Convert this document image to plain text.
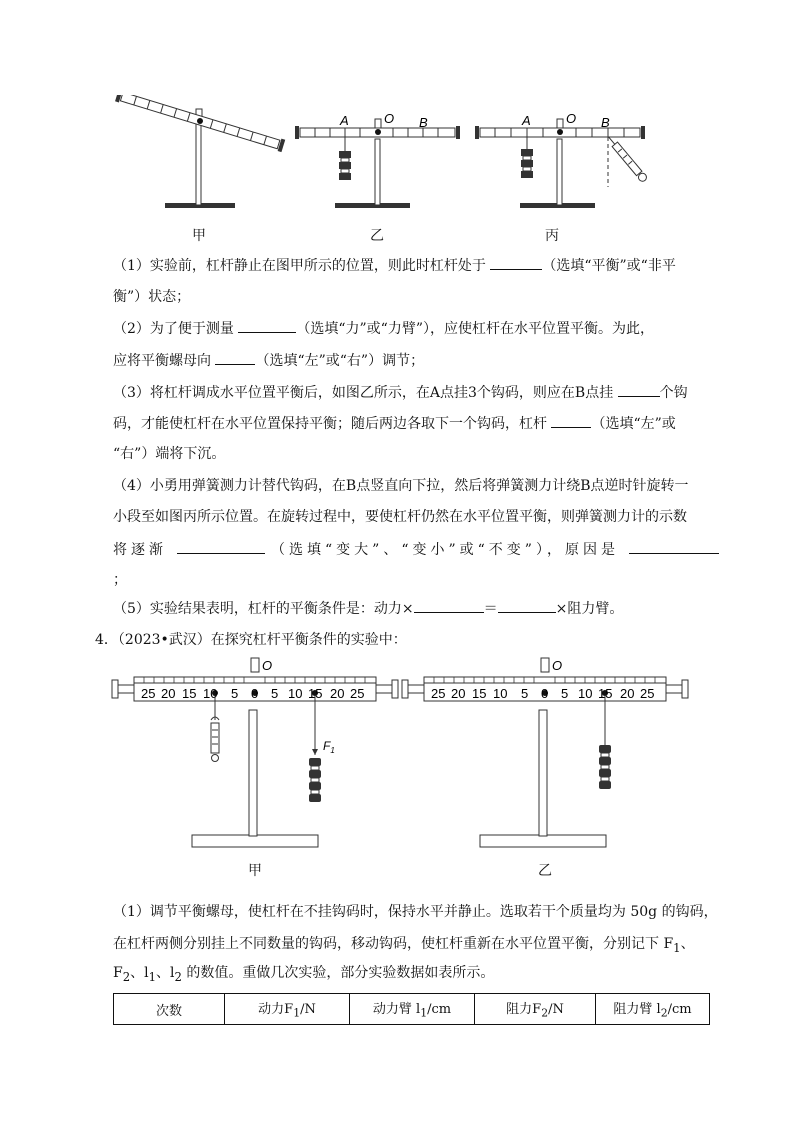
A	O B	A	O B
甲	乙	丙
（1）实验前，杠杆静止在图甲所示的位置，则此时杠杆处于	（选填“平衡”或“非平
衡”）状态；
（2）为了便于测量	（选填“力”或“力臂”），应使杠杆在水平位置平衡。为此，
应将平衡螺母向	（选填“左”或“右”）调节；
（3）将杠杆调成水平位置平衡后，如图乙所示，在A点挂3个钩码，则应在B点挂	个钩
码，才能使杠杆在水平位置保持平衡；随后两边各取下一个钩码，杠杆	（选填“左”或
“右”）端将下沉。
（4）小勇用弹簧测力计替代钩码，在B点竖直向下拉，然后将弹簧测力计绕B点逆时针旋转一
小段至如图丙所示位置。在旋转过程中，要使杠杆仍然在水平位置平衡，则弹簧测力计的示数
将逐渐	（选填“变大”、“变小”或“不变”），原因是
；
（5）实验结果表明，杠杆的平衡条件是：动力×	＝	×阻力臂。
4．（2023•武汉）在探究杠杆平衡条件的实验中：
25 20 15 10 5 0 5 10 15 20 25
O
$F_1$
25 20 15 10 5 0 5 10 15 20 25
O
甲	乙
（1）调节平衡螺母，使杠杆在不挂钩码时，保持水平并静止。选取若干个质量均为 50g 的钩码，
在杠杆两侧分别挂上不同数量的钩码，移动钩码，使杠杆重新在水平位置平衡，分别记下 $F_1$、
$F_2$、$l_1$、$l_2$ 的数值。重做几次实验，部分实验数据如表所示。
次数	动力$F_1/N$	动力臂 $l_1/cm$	阻力$F_2/N$	阻力臂 $l_2/cm$
